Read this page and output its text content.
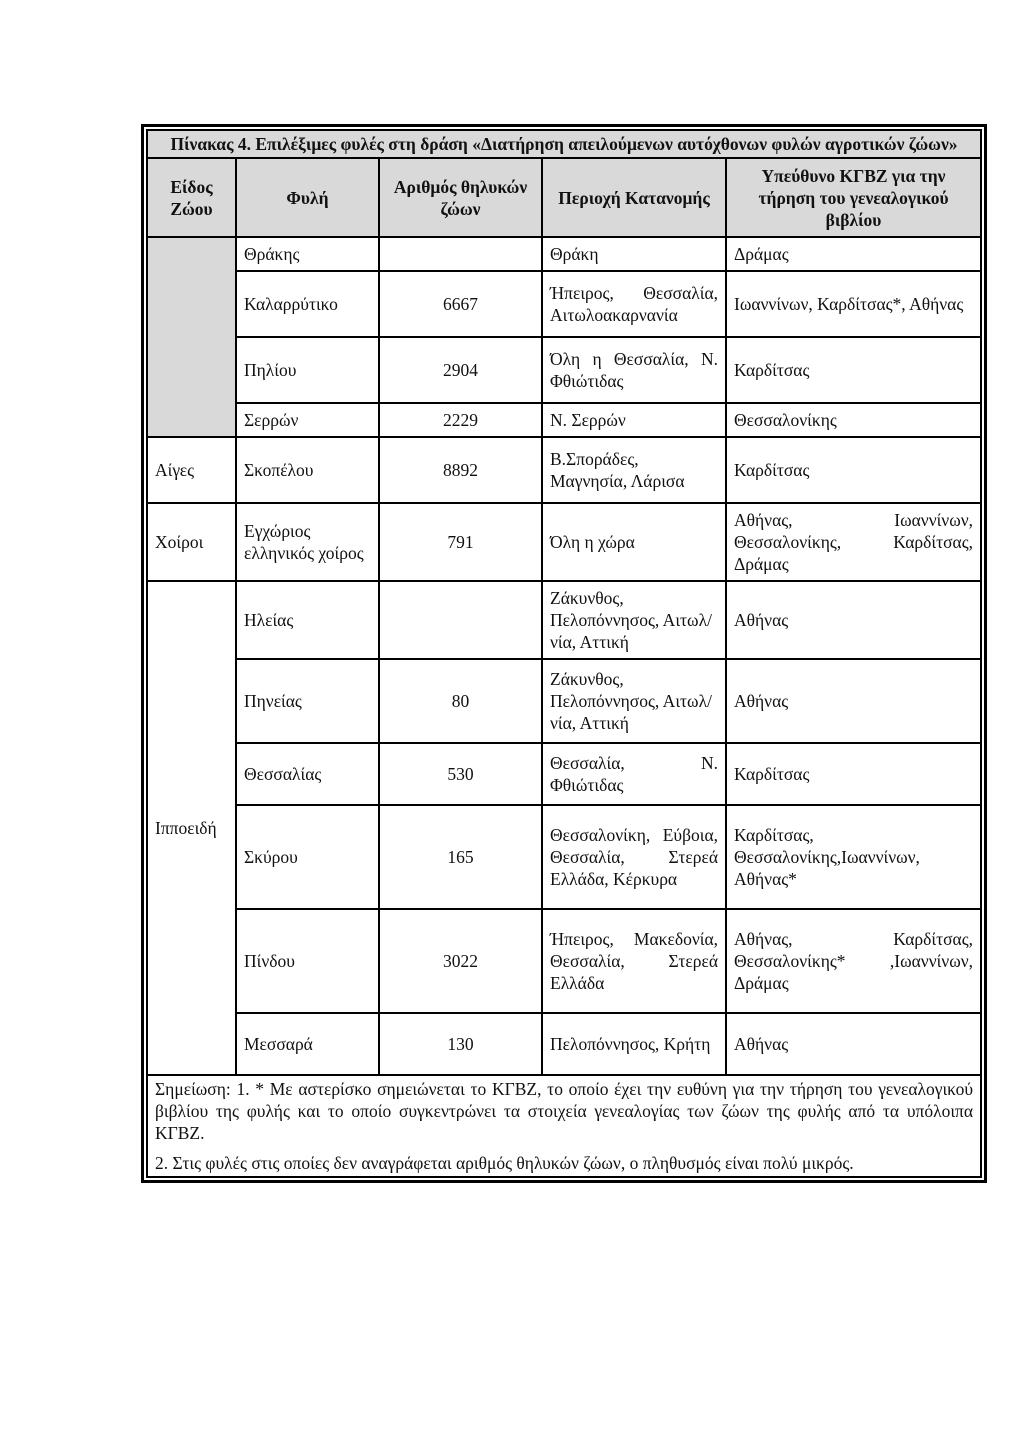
Πίνακας 4. Επιλέξιμες φυλές στη δράση «Διατήρηση απειλούμενων αυτόχθονων φυλών αγροτικών ζώων»				
Είδος Ζώου	Φυλή	Αριθμός θηλυκών ζώων	Περιοχή Κατανομής	Υπεύθυνο ΚΓΒΖ για την τήρηση του γενεαλογικού βιβλίου
	Θράκης		Θράκη	Δράμας
	Καλαρρύτικο	6667	Ήπειρος, Θεσσαλία, Αιτωλοακαρνανία	Ιωαννίνων, Καρδίτσας*, Αθήνας
	Πηλίου	2904	Όλη η Θεσσαλία, Ν. Φθιώτιδας	Καρδίτσας
	Σερρών	2229	Ν. Σερρών	Θεσσαλονίκης
Αίγες	Σκοπέλου	8892	Β.Σποράδες, Μαγνησία, Λάρισα	Καρδίτσας
Χοίροι	Εγχώριος ελληνικός χοίρος	791	Όλη η χώρα	Αθήνας, Ιωαννίνων, Θεσσαλονίκης, Καρδίτσας, Δράμας
Ιπποειδή	Ηλείας		Ζάκυνθος, Πελοπόννησος, Αιτωλ/νία, Αττική	Αθήνας
	Πηνείας	80	Ζάκυνθος, Πελοπόννησος, Αιτωλ/νία, Αττική	Αθήνας
	Θεσσαλίας	530	Θεσσαλία, Ν. Φθιώτιδας	Καρδίτσας
	Σκύρου	165	Θεσσαλονίκη, Εύβοια, Θεσσαλία, Στερεά Ελλάδα, Κέρκυρα	Καρδίτσας, Θεσσαλονίκης,Ιωαννίνων, Αθήνας*
	Πίνδου	3022	Ήπειρος, Μακεδονία, Θεσσαλία, Στερεά Ελλάδα	Αθήνας, Καρδίτσας, Θεσσαλονίκης* ,Ιωαννίνων, Δράμας
	Μεσσαρά	130	Πελοπόννησος, Κρήτη	Αθήνας

Σημείωση: 1. * Με αστερίσκο σημειώνεται το ΚΓΒΖ, το οποίο έχει την ευθύνη για την τήρηση του γενεαλογικού βιβλίου της φυλής και το οποίο συγκεντρώνει τα στοιχεία γενεαλογίας των ζώων της φυλής από τα υπόλοιπα ΚΓΒΖ.

2. Στις φυλές στις οποίες δεν αναγράφεται αριθμός θηλυκών ζώων, ο πληθυσμός είναι πολύ μικρός.				
